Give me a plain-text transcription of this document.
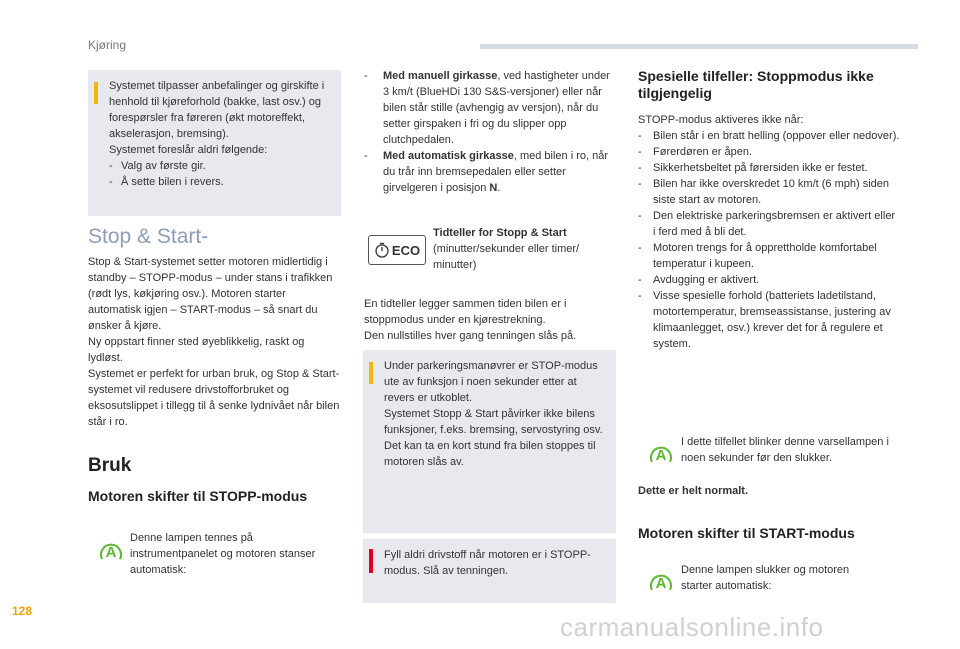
Kjøring

Systemet tilpasser anbefalinger og girskifte i henhold til kjøreforhold (bakke, last osv.) og forespørsler fra føreren (økt motoreffekt, akselerasjon, bremsing).

Systemet foreslår aldri følgende:

- Valg av første gir.
- Å sette bilen i revers.
Stop & Start-

Stop & Start-systemet setter motoren midlertidig i standby – STOPP-modus – under stans i trafikken (rødt lys, køkjøring osv.). Motoren starter automatisk igjen – START-modus – så snart du ønsker å kjøre.

Ny oppstart finner sted øyeblikkelig, raskt og lydløst.

Systemet er perfekt for urban bruk, og Stop & Start-systemet vil redusere drivstofforbruket og eksosutslippet i tillegg til å senke lydnivået når bilen står i ro.

Bruk
Motoren skifter til STOPP-modus
A
Denne lampen tennes på instrumentpanelet og motoren stanser automatisk:
- Med manuell girkasse, ved hastigheter under 3 km/t (BlueHDi 130 S&S-versjoner) eller når bilen står stille (avhengig av versjon), når du setter girspaken i fri og du slipper opp clutchpedalen.
- Med automatisk girkasse, med bilen i ro, når du trår inn bremsepedalen eller setter girvelgeren i posisjon N.
ECO
Tidteller for Stopp & Start
(minutter/sekunder eller timer/ minutter)

En tidteller legger sammen tiden bilen er i stoppmodus under en kjørestrekning.

Den nullstilles hver gang tenningen slås på.

Under parkeringsmanøvrer er STOP-modus ute av funksjon i noen sekunder etter at revers er utkoblet.

Systemet Stopp & Start påvirker ikke bilens funksjoner, f.eks. bremsing, servostyring osv.

Det kan ta en kort stund fra bilen stoppes til motoren slås av.

Fyll aldri drivstoff når motoren er i STOPP-modus. Slå av tenningen.
Spesielle tilfeller: Stoppmodus ikke tilgjengelig

STOPP-modus aktiveres ikke når:

- Bilen står i en bratt helling (oppover eller nedover).
- Førerdøren er åpen.
- Sikkerhetsbeltet på førersiden ikke er festet.
- Bilen har ikke overskredet 10 km/t (6 mph) siden siste start av motoren.
- Den elektriske parkeringsbremsen er aktivert eller i ferd med å bli det.
- Motoren trengs for å opprettholde komfortabel temperatur i kupeen.
- Avdugging er aktivert.
- Visse spesielle forhold (batteriets ladetilstand, motortemperatur, bremseassistanse, justering av klimaanlegget, osv.) krever det for å regulere et system.
A
I dette tilfellet blinker denne varsellampen i noen sekunder før den slukker.
Dette er helt normalt.
Motoren skifter til START-modus
A
Denne lampen slukker og motoren starter automatisk:
128
carmanualsonline.info
